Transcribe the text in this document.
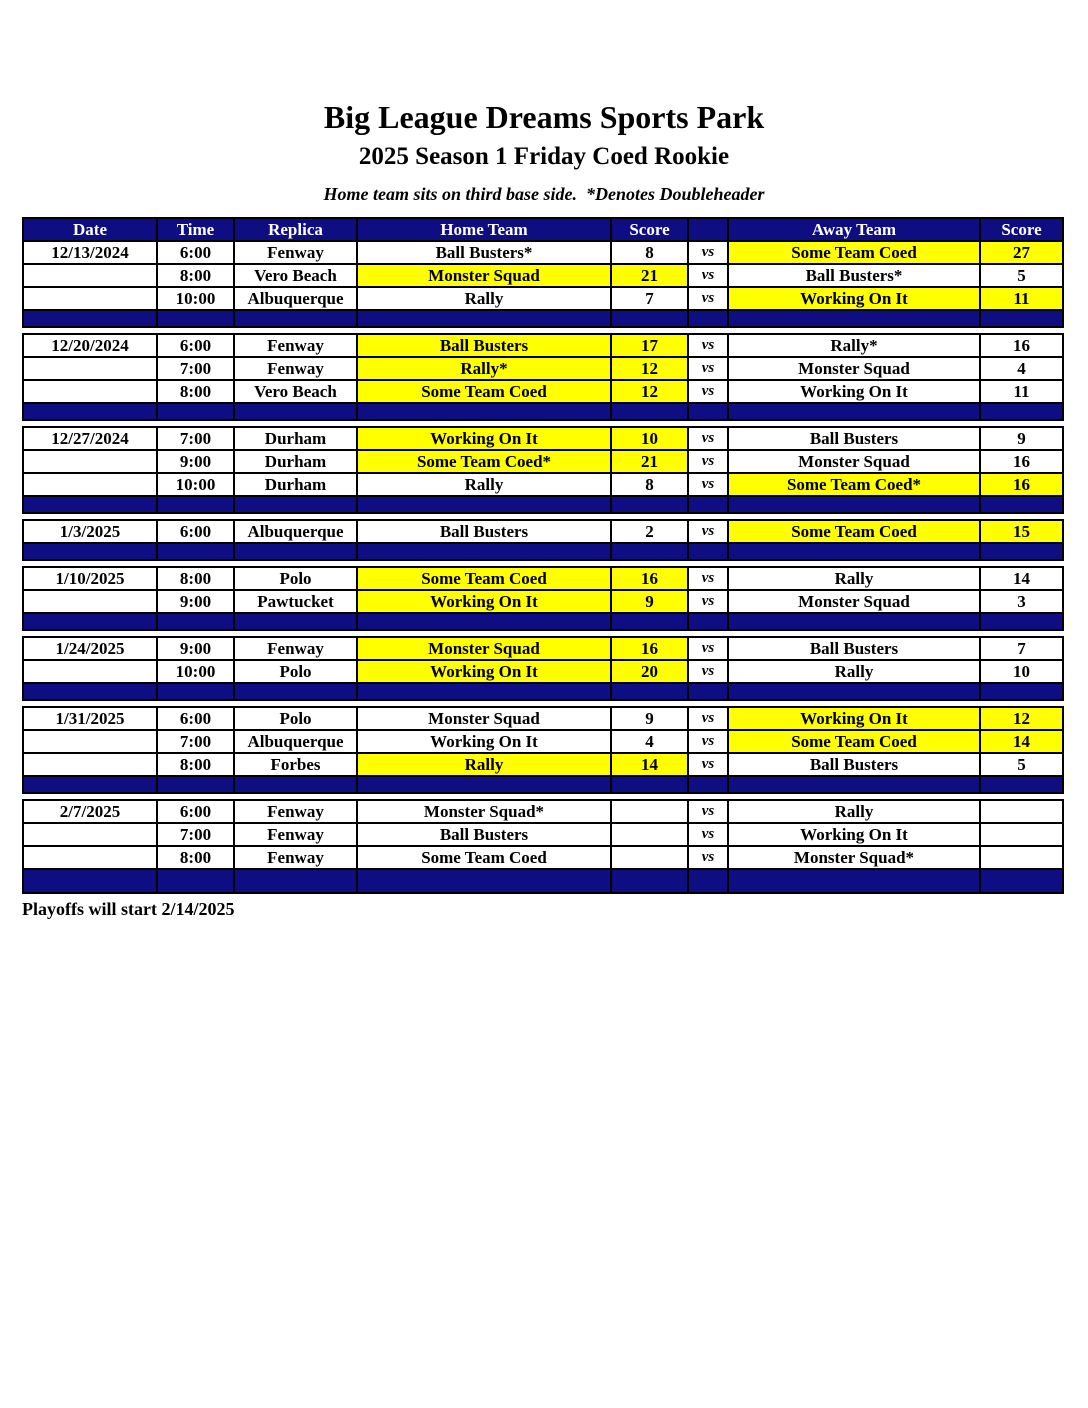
Big League Dreams Sports Park
2025 Season 1 Friday Coed Rookie
Home team sits on third base side.  *Denotes Doubleheader
Date	Time	Replica	Home Team	Score		Away Team	Score
12/13/2024	6:00	Fenway	Ball Busters*	8	vs	Some Team Coed	27
	8:00	Vero Beach	Monster Squad	21	vs	Ball Busters*	5
	10:00	Albuquerque	Rally	7	vs	Working On It	11

12/20/2024	6:00	Fenway	Ball Busters	17	vs	Rally*	16
	7:00	Fenway	Rally*	12	vs	Monster Squad	4
	8:00	Vero Beach	Some Team Coed	12	vs	Working On It	11

12/27/2024	7:00	Durham	Working On It	10	vs	Ball Busters	9
	9:00	Durham	Some Team Coed*	21	vs	Monster Squad	16
	10:00	Durham	Rally	8	vs	Some Team Coed*	16

1/3/2025	6:00	Albuquerque	Ball Busters	2	vs	Some Team Coed	15

1/10/2025	8:00	Polo	Some Team Coed	16	vs	Rally	14
	9:00	Pawtucket	Working On It	9	vs	Monster Squad	3

1/24/2025	9:00	Fenway	Monster Squad	16	vs	Ball Busters	7
	10:00	Polo	Working On It	20	vs	Rally	10

1/31/2025	6:00	Polo	Monster Squad	9	vs	Working On It	12
	7:00	Albuquerque	Working On It	4	vs	Some Team Coed	14
	8:00	Forbes	Rally	14	vs	Ball Busters	5

2/7/2025	6:00	Fenway	Monster Squad*		vs	Rally	
	7:00	Fenway	Ball Busters		vs	Working On It	
	8:00	Fenway	Some Team Coed		vs	Monster Squad*	

Playoffs will start 2/14/2025
